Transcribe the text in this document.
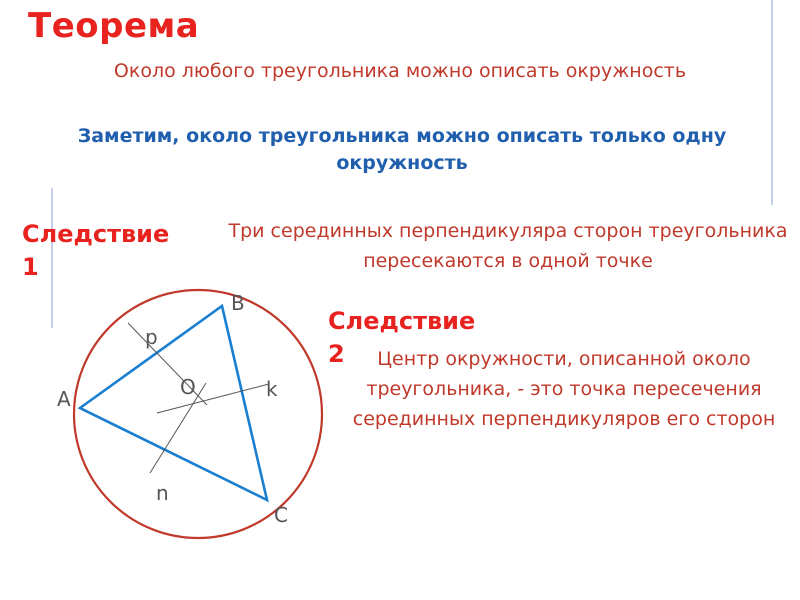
Теорема
Около любого треугольника можно описать окружность
Заметим, около треугольника можно описать только одну окружность
Следствие
1
Три серединных перпендикуляра сторон треугольника пересекаются в одной точке
Следствие
2
A
B
C
O
p
k
n
Центр окружности, описанной около треугольника, - это точка пересечения серединных перпендикуляров его сторон
